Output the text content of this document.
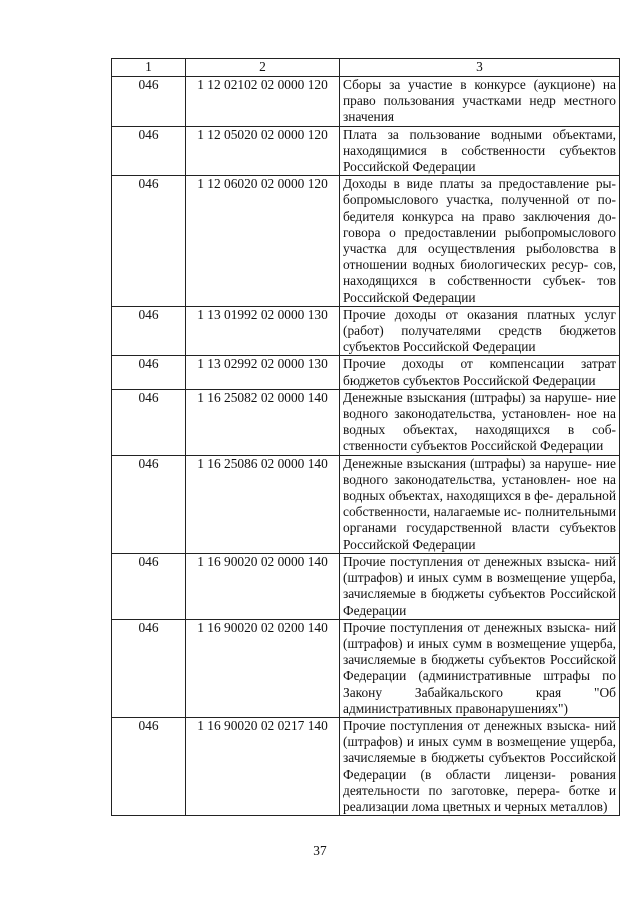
1	2	3
046	1 12 02102 02 0000 120	Сборы за участие в конкурсе (аукционе) на право пользования участками недр местного значения
046	1 12 05020 02 0000 120	Плата за пользование водными объектами, находящимися в собственности субъектов Российской Федерации
046	1 12 06020 02 0000 120	Доходы в виде платы за предоставление ры- бопромыслового участка, полученной от по- бедителя конкурса на право заключения до- говора о предоставлении рыбопромыслового участка для осуществления рыболовства в отношении водных биологических ресур- сов, находящихся в собственности субъек- тов Российской Федерации
046	1 13 01992 02 0000 130	Прочие доходы от оказания платных услуг (работ) получателями средств бюджетов субъектов Российской Федерации
046	1 13 02992 02 0000 130	Прочие доходы от компенсации затрат бюджетов субъектов Российской Федерации
046	1 16 25082 02 0000 140	Денежные взыскания (штрафы) за наруше- ние водного законодательства, установлен- ное на водных объектах, находящихся в соб- ственности субъектов Российской Федерации
046	1 16 25086 02 0000 140	Денежные взыскания (штрафы) за наруше- ние водного законодательства, установлен- ное на водных объектах, находящихся в фе- деральной собственности, налагаемые ис- полнительными органами государственной власти субъектов Российской Федерации
046	1 16 90020 02 0000 140	Прочие поступления от денежных взыска- ний (штрафов) и иных сумм в возмещение ущерба, зачисляемые в бюджеты субъектов Российской Федерации
046	1 16 90020 02 0200 140	Прочие поступления от денежных взыска- ний (штрафов) и иных сумм в возмещение ущерба, зачисляемые в бюджеты субъектов Российской Федерации (административные штрафы по Закону Забайкальского края "Об административных правонарушениях")
046	1 16 90020 02 0217 140	Прочие поступления от денежных взыска- ний (штрафов) и иных сумм в возмещение ущерба, зачисляемые в бюджеты субъектов Российской Федерации (в области лицензи- рования деятельности по заготовке, перера- ботке и реализации лома цветных и черных металлов)
37
